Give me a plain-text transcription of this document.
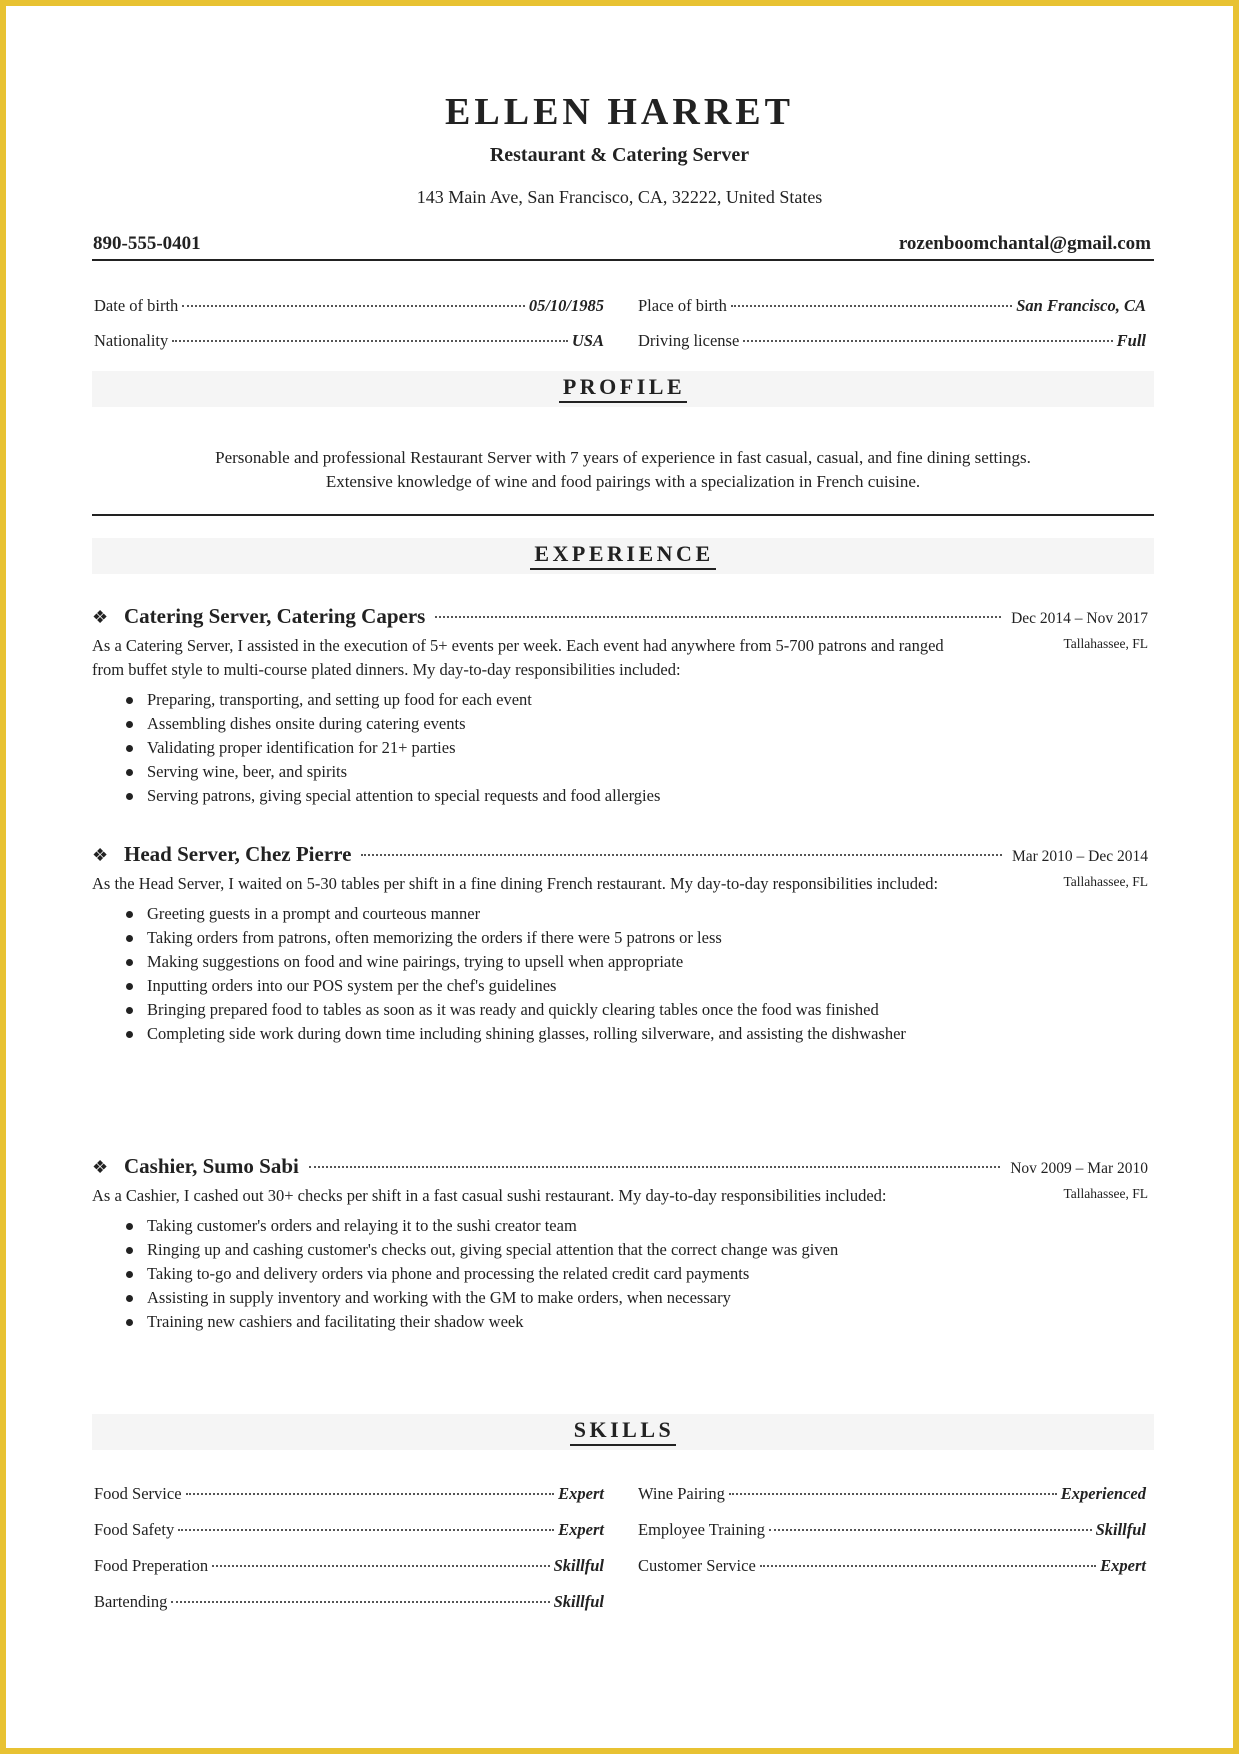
ELLEN HARRET
Restaurant & Catering Server
143 Main Ave, San Francisco, CA, 32222, United States
890-555-0401	rozenboomchantal@gmail.com
Date of birth	05/10/1985
Nationality	USA
Place of birth	San Francisco, CA
Driving license	Full
PROFILE
Personable and professional Restaurant Server with 7 years of experience in fast casual, casual, and fine dining settings.
Extensive knowledge of wine and food pairings with a specialization in French cuisine.
EXPERIENCE
❖ Catering Server, Catering Capers	Dec 2014 – Nov 2017
Tallahassee, FL
As a Catering Server, I assisted in the execution of 5+ events per week. Each event had anywhere from 5-700 patrons and ranged from buffet style to multi-course plated dinners. My day-to-day responsibilities included:
Preparing, transporting, and setting up food for each event
Assembling dishes onsite during catering events
Validating proper identification for 21+ parties
Serving wine, beer, and spirits
Serving patrons, giving special attention to special requests and food allergies
❖ Head Server, Chez Pierre	Mar 2010 – Dec 2014
Tallahassee, FL
As the Head Server, I waited on 5-30 tables per shift in a fine dining French restaurant. My day-to-day responsibilities included:
Greeting guests in a prompt and courteous manner
Taking orders from patrons, often memorizing the orders if there were 5 patrons or less
Making suggestions on food and wine pairings, trying to upsell when appropriate
Inputting orders into our POS system per the chef's guidelines
Bringing prepared food to tables as soon as it was ready and quickly clearing tables once the food was finished
Completing side work during down time including shining glasses, rolling silverware, and assisting the dishwasher
❖ Cashier, Sumo Sabi	Nov 2009 – Mar 2010
Tallahassee, FL
As a Cashier, I cashed out 30+ checks per shift in a fast casual sushi restaurant. My day-to-day responsibilities included:
Taking customer's orders and relaying it to the sushi creator team
Ringing up and cashing customer's checks out, giving special attention that the correct change was given
Taking to-go and delivery orders via phone and processing the related credit card payments
Assisting in supply inventory and working with the GM to make orders, when necessary
Training new cashiers and facilitating their shadow week
SKILLS
Food Service	Expert
Food Safety	Expert
Food Preperation	Skillful
Bartending	Skillful
Wine Pairing	Experienced
Employee Training	Skillful
Customer Service	Expert
